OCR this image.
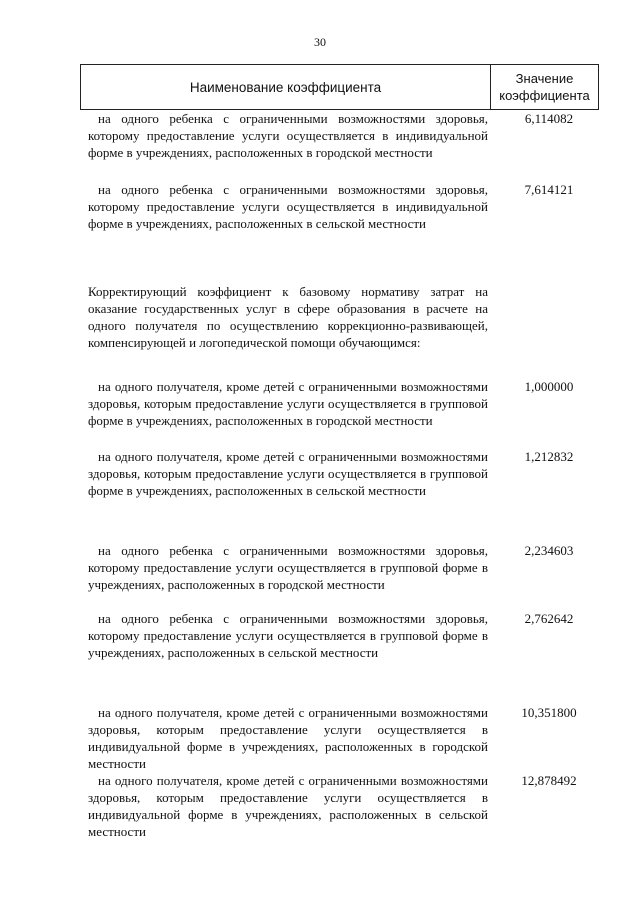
30
Наименование коэффициента
Значение коэффициента

на одного ребенка с ограниченными возможностями здоровья, которому предоставление услуги осуществляется в индивидуальной форме в учреждениях, расположенных в городской местности

6,114082

на одного ребенка с ограниченными возможностями здоровья, которому предоставление услуги осуществляется в индивидуальной форме в учреждениях, расположенных в сельской местности

7,614121

Корректирующий коэффициент к базовому нормативу затрат на оказание государственных услуг в сфере образования в расчете на одного получателя по осуществлению коррекционно-развивающей, компенсирующей и логопедической помощи обучающимся:

на одного получателя, кроме детей с ограниченными возможностями здоровья, которым предоставление услуги осуществляется в групповой форме в учреждениях, расположенных в городской местности

1,000000

на одного получателя, кроме детей с ограниченными возможностями здоровья, которым предоставление услуги осуществляется в групповой форме в учреждениях, расположенных в сельской местности

1,212832

на одного ребенка с ограниченными возможностями здоровья, которому предоставление услуги осуществляется в групповой форме в учреждениях, расположенных в городской местности

2,234603

на одного ребенка с ограниченными возможностями здоровья, которому предоставление услуги осуществляется в групповой форме в учреждениях, расположенных в сельской местности

2,762642

на одного получателя, кроме детей с ограниченными возможностями здоровья, которым предоставление услуги осуществляется в индивидуальной форме в учреждениях, расположенных в городской местности

10,351800

на одного получателя, кроме детей с ограниченными возможностями здоровья, которым предоставление услуги осуществляется в индивидуальной форме в учреждениях, расположенных в сельской местности

12,878492
